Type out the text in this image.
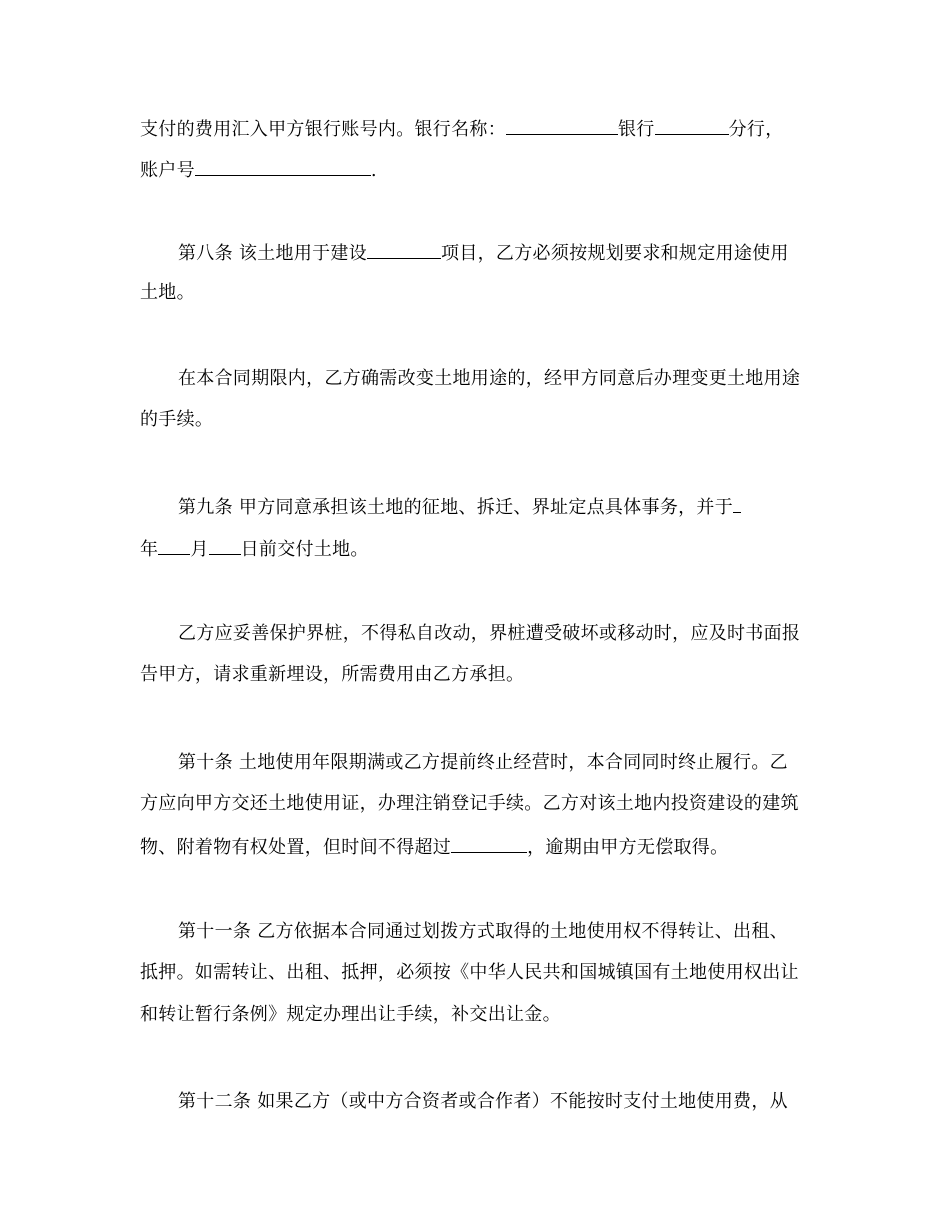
支付的费用汇入甲方银行账号内。银行名称：	银行	分行，
账户号	.
第八条 该土地用于建设	项目，乙方必须按规划要求和规定用途使用
土地。
在本合同期限内，乙方确需改变土地用途的，经甲方同意后办理变更土地用途
的手续。
第九条 甲方同意承担该土地的征地、拆迁、界址定点具体事务，并于
年 月 日前交付土地。
乙方应妥善保护界桩，不得私自改动，界桩遭受破坏或移动时，应及时书面报
告甲方，请求重新埋设，所需费用由乙方承担。
第十条 土地使用年限期满或乙方提前终止经营时，本合同同时终止履行。乙
方应向甲方交还土地使用证，办理注销登记手续。乙方对该土地内投资建设的建筑
物、附着物有权处置，但时间不得超过	，逾期由甲方无偿取得。
第十一条 乙方依据本合同通过划拨方式取得的土地使用权不得转让、出租、
抵押。如需转让、出租、抵押，必须按《中华人民共和国城镇国有土地使用权出让
和转让暂行条例》规定办理出让手续，补交出让金。
第十二条 如果乙方（或中方合资者或合作者）不能按时支付土地使用费，从
